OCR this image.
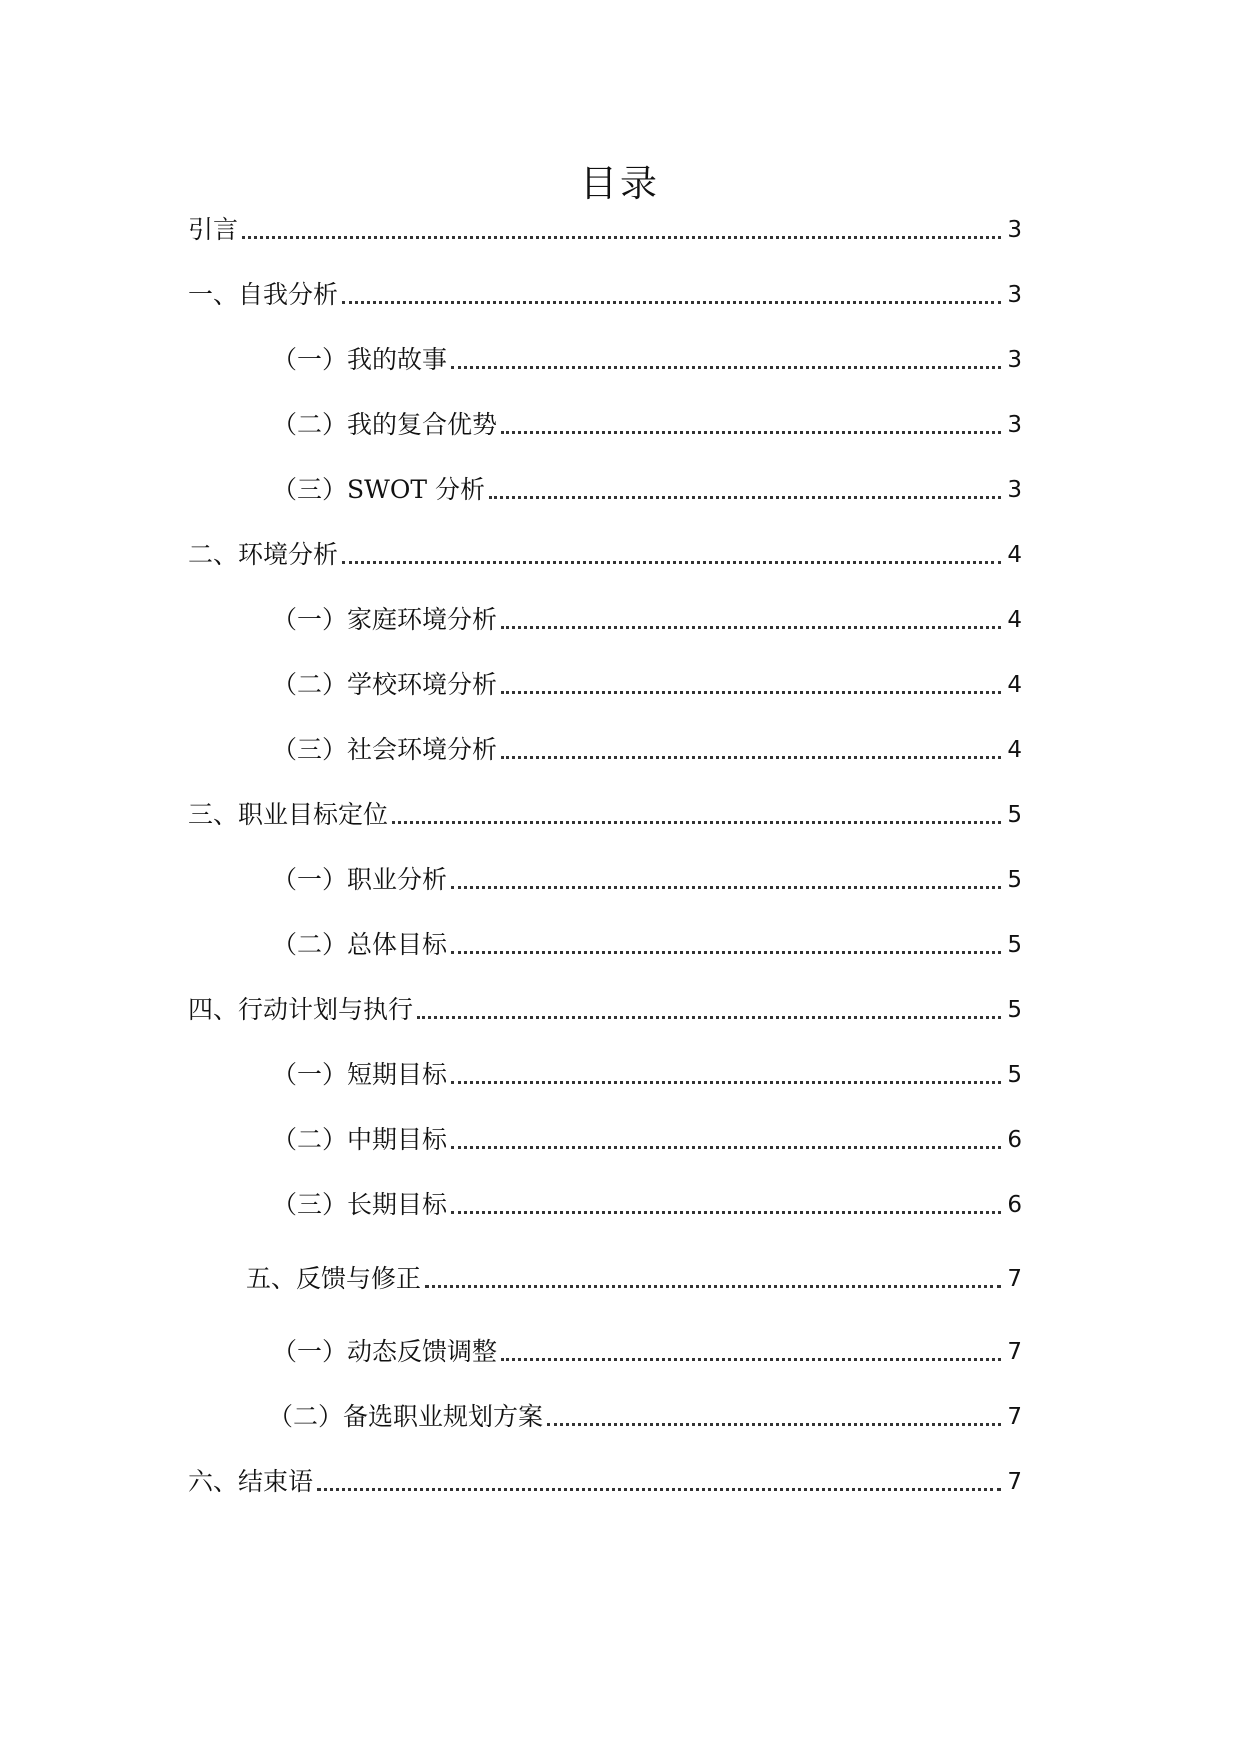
目录
引言	3
一、自我分析	3
（一）我的故事	3
（二）我的复合优势	3
（三）SWOT 分析	3
二、环境分析	4
（一）家庭环境分析	4
（二）学校环境分析	4
（三）社会环境分析	4
三、职业目标定位	5
（一）职业分析	5
（二）总体目标	5
四、行动计划与执行	5
（一）短期目标	5
（二）中期目标	6
（三）长期目标	6
五、反馈与修正	7
（一）动态反馈调整	7
（二）备选职业规划方案	7
六、结束语	7
